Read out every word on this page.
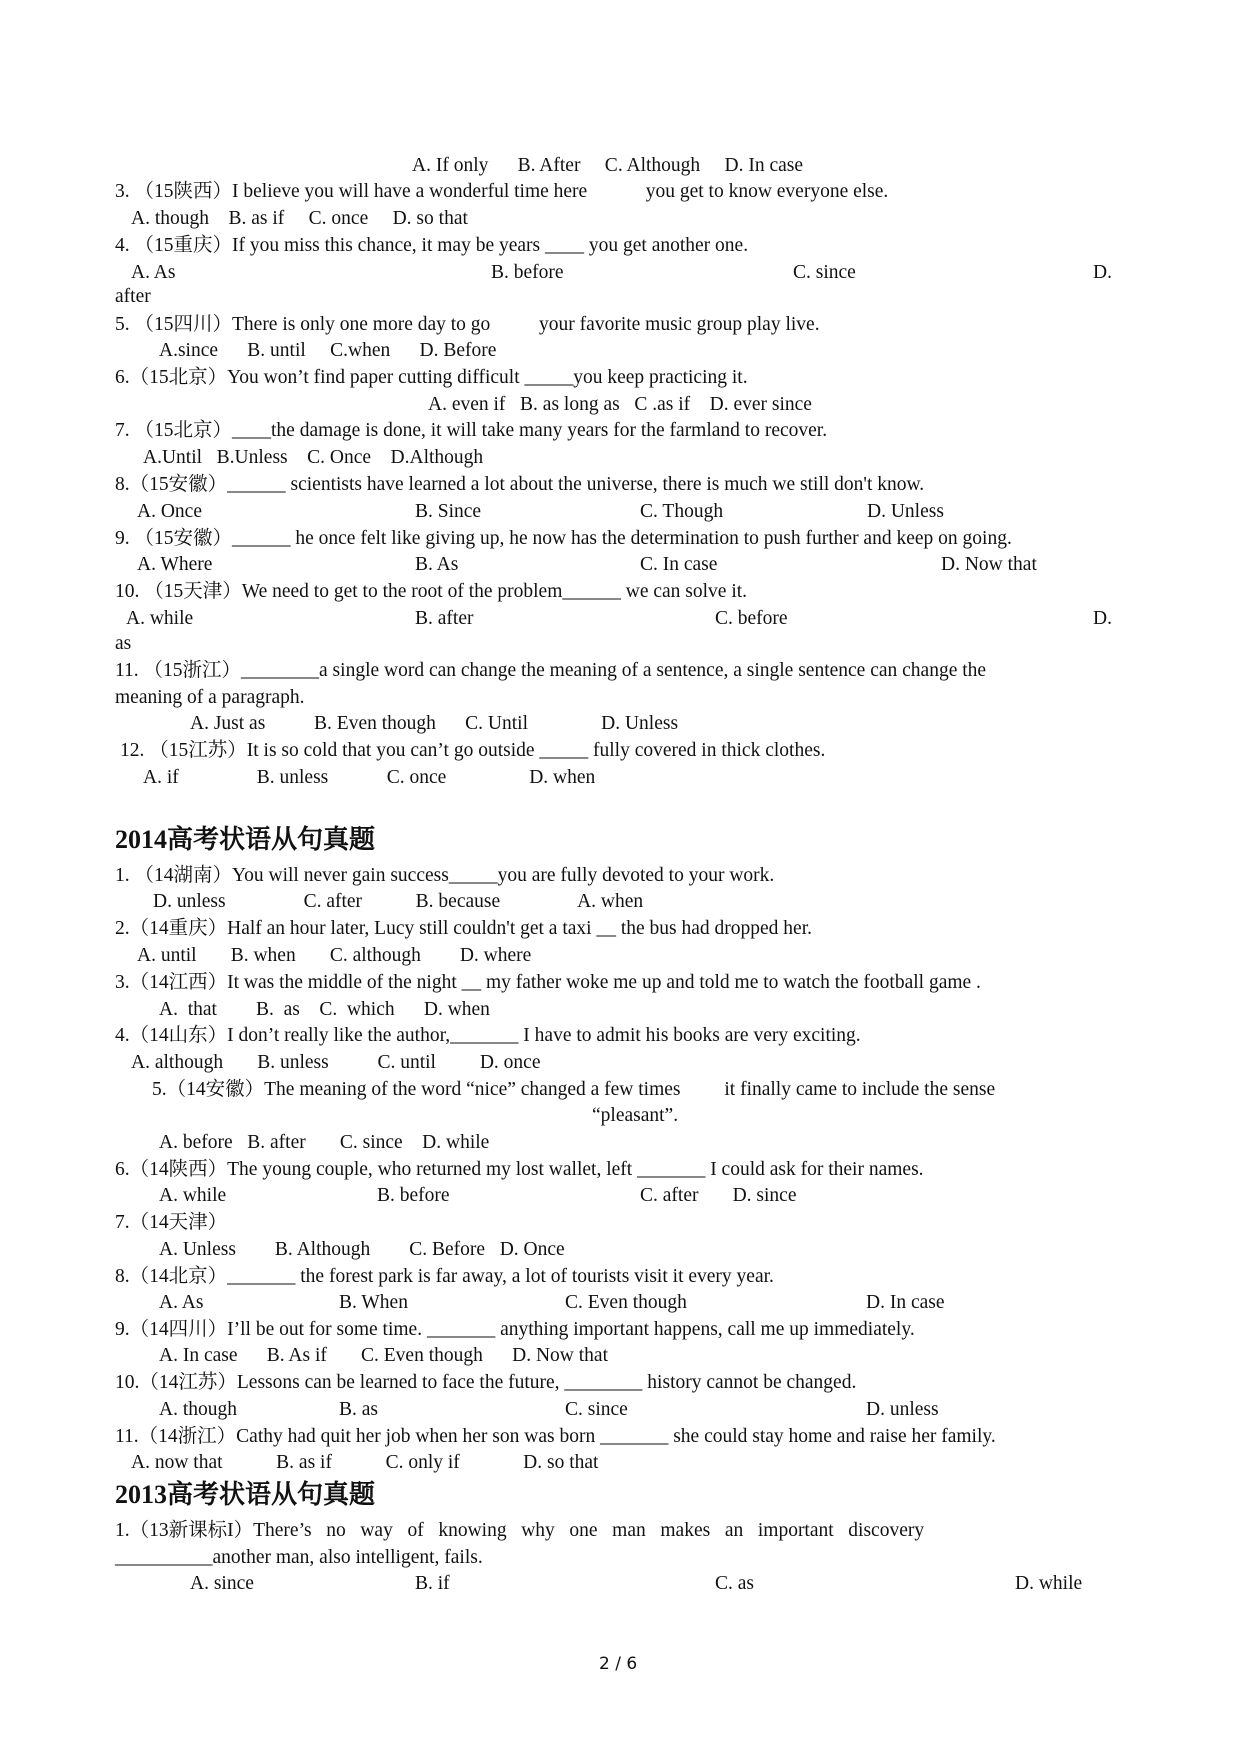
A. If only      B. After     C. Although     D. In case
3. （15陕西）I believe you will have a wonderful time here            you get to know everyone else.
A. though    B. as if     C. once     D. so that
4. （15重庆）If you miss this chance, it may be years ____ you get another one.
A. As	B. before	C. since	D.
after
5. （15四川）There is only one more day to go          your favorite music group play live.
A.since      B. until     C.when      D. Before
6.（15北京）You won’t find paper cutting difficult _____you keep practicing it.
A. even if   B. as long as   C .as if    D. ever since
7. （15北京）____the damage is done, it will take many years for the farmland to recover.
A.Until   B.Unless    C. Once    D.Although
8.（15安徽）______ scientists have learned a lot about the universe, there is much we still don't know.
A. Once	B. Since	C. Though	D. Unless
9. （15安徽）______ he once felt like giving up, he now has the determination to push further and keep on going.
A. Where	B. As	C. In case	D. Now that
10. （15天津）We need to get to the root of the problem______ we can solve it.
A. while	B. after	C. before	D.
as
11. （15浙江）________a single word can change the meaning of a sentence, a single sentence can change the
meaning of a paragraph.
A. Just as          B. Even though      C. Until               D. Unless
12. （15江苏）It is so cold that you can’t go outside _____ fully covered in thick clothes.
A. if                B. unless            C. once                 D. when
2014高考状语从句真题
1. （14湖南）You will never gain success_____you are fully devoted to your work.
D. unless                C. after           B. because                A. when
2.（14重庆）Half an hour later, Lucy still couldn't get a taxi __ the bus had dropped her.
A. until       B. when       C. although        D. where
3.（14江西）It was the middle of the night __ my father woke me up and told me to watch the football game .
A.  that        B.  as    C.  which      D. when
4.（14山东）I don’t really like the author,_______ I have to admit his books are very exciting.
A. although       B. unless          C. until         D. once
5.（14安徽）The meaning of the word “nice” changed a few times         it finally came to include the sense
“pleasant”.
A. before   B. after       C. since    D. while
6.（14陕西）The young couple, who returned my lost wallet, left _______ I could ask for their names.
A. while	B. before	C. after       D. since
7.（14天津）
A. Unless        B. Although        C. Before   D. Once
8.（14北京）_______ the forest park is far away, a lot of tourists visit it every year.
A. As	B. When	C. Even though	D. In case
9.（14四川）I’ll be out for some time. _______ anything important happens, call me up immediately.
A. In case      B. As if       C. Even though      D. Now that
10.（14江苏）Lessons can be learned to face the future, ________ history cannot be changed.
A. though	B. as	C. since	D. unless
11.（14浙江）Cathy had quit her job when her son was born _______ she could stay home and raise her family.
A. now that           B. as if           C. only if             D. so that
2013高考状语从句真题
1.（13新课标I）There’s   no   way   of   knowing   why   one   man   makes   an   important   discovery
__________another man, also intelligent, fails.
A. since	B. if	C. as	D. while
2 / 6
